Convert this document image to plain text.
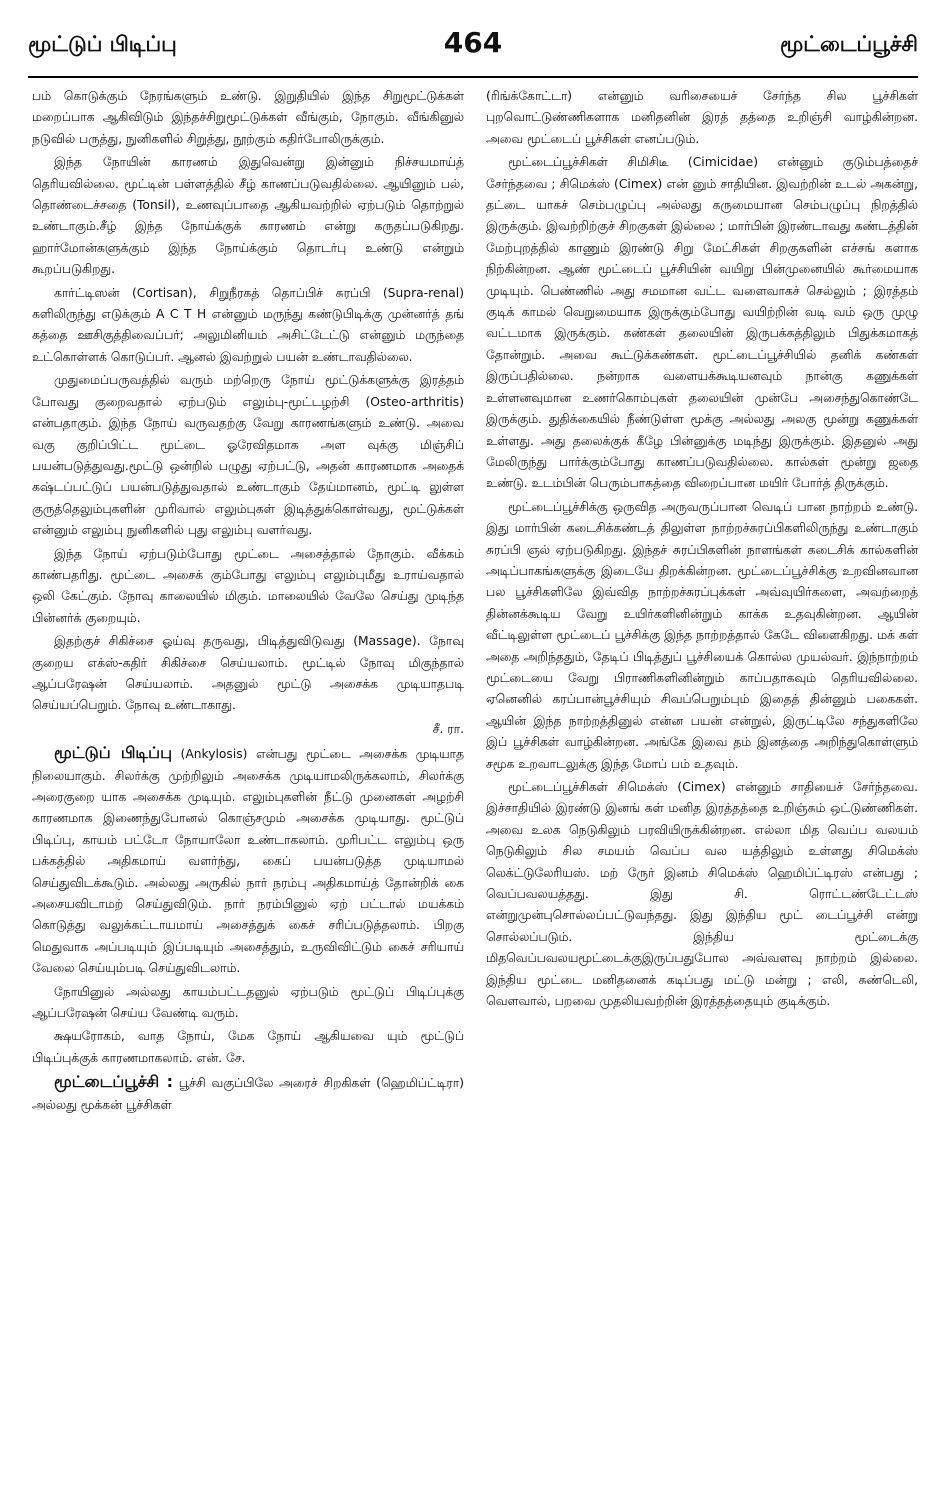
மூட்டுப் பிடிப்பு	464	மூட்டைப்பூச்சி

பம் கொடுக்கும் நேரங்களும் உண்டு. இறுதியில் இந்த சிறுமூட்டுக்கள் மறைப்பாக ஆகிவிடும் இந்தச்சிறுமூட்டுக்கள் வீங்கும், நோகும். வீங்கினுல் நடுவில் பருத்து, நுனிகளில் சிறுத்து, நூற்கும் கதிர்போலிருக்கும்.

இந்த நோயின் காரணம் இதுவென்று இன்னும் நிச்சயமாய்த் தெரியவில்லை. மூட்டின் பள்ளத்தில் சீழ் காணப்படுவதில்லை. ஆயினும் பல், தொண்டைச்சதை (Tonsil), உணவுப்பாதை ஆகியவற்றில் ஏற்படும் தொற்றுல் உண்டாகும்.சீழ் இந்த நோய்க்குக் காரணம் என்று கருதப்படுகிறது. ஹார்மோன்களுக்கும் இந்த நோய்க்கும் தொடர்பு உண்டு என்றும் கூறப்படுகிறது.

கார்ட்டிஸன் (Cortisan), சிறுநீரகத் தொப்பிச் சுரப்பி (Supra-renal) களிலிருந்து எடுக்கும் A C T H என்னும் மருந்து கண்டுபிடிக்கு முன்னர்த் தங் கத்தை ஊசிகுத்திவைப்பர்; அலுமினியம் அசிட்டேட்டு என்னும் மருந்தை உட்கொள்ளக் கொடுப்பர். ஆனல் இவற்றுல் பயன் உண்டாவதில்லை.

முதுமைப்பருவத்தில் வரும் மற்றெரு நோய் மூட்டுக்களுக்கு இரத்தம் போவது குறைவதால் ஏற்படும் எலும்பு-மூட்டழற்சி (Osteo-arthritis) என்பதாகும். இந்த நோய் வருவதற்கு வேறு காரணங்களும் உண்டு. அவை வகு குறிப்பிட்ட மூட்டை ஓரேவிதமாக அள வுக்கு மிஞ்சிப் பயன்படுத்துவது.மூட்டு ஒன்றில் பழுது ஏற்பட்டு, அதன் காரணமாக அதைக் கஷ்டப்பட்டுப் பயன்படுத்துவதால் உண்டாகும் தேய்மானம், மூட்டி லுள்ள குருத்தெலும்புகளின் முரிவால் எலும்புகள் இடித்துக்கொள்வது, மூட்டுக்கள் என்னும் எலும்பு நுனிகளில் புது எலும்பு வளர்வது.

இந்த நோய் ஏற்படும்போது மூட்டை அசைத்தால் நோகும். வீக்கம் காண்பதரிது. மூட்டை அசைக் கும்போது எலும்பு எலும்புமீது உராய்வதால் ஒலி கேட்கும். நோவு காலையில் மிகும். மாலையில் வேலே செய்து முடிந்த பின்னர்க் குறையும்.

இதற்குச் சிகிச்சை ஓய்வு தருவது, பிடித்துவிடுவது (Massage). நோவு குறைய எக்ஸ்-கதிர் சிகிச்சை செய்யலாம். மூட்டில் நோவு மிகுந்தால் ஆப்பரேஷன் செய்யலாம். அதனுல் மூட்டு அசைக்க முடியாதபடி செய்யப்பெறும். நோவு உண்டாகாது.

சீ. ரா.

மூட்டுப் பிடிப்பு (Ankylosis) என்பது மூட்டை அசைக்க முடியாத நிலையாகும். சிலர்க்கு முற்றிலும் அசைக்க முடியாமலிருக்கலாம், சிலர்க்கு அரைகுறை யாக அசைக்க முடியும். எலும்புகளின் நீட்டு முனைகள் அழற்சி காரணமாக இணைந்துபோனல் கொஞ்சமும் அசைக்க முடியாது. மூட்டுப் பிடிப்பு, காயம் பட்டோ நோயாலோ உண்டாகலாம். முரிபட்ட எலும்பு ஒரு பக்கத்தில் அதிகமாய் வளர்ந்து, கைப் பயன்படுத்த முடியாமல் செய்துவிடக்கூடும். அல்லது அருகில் நார் நரம்பு அதிகமாய்த் தோன்றிக் கை அசையவிடாமற் செய்துவிடும். நார் நரம்பினுல் ஏற் பட்டால் மயக்கம் கொடுத்து வலுக்கட்டாயமாய் அசைத்துக் கைச் சரிப்படுத்தலாம். பிறகு மெதுவாக அப்படியும் இப்படியும் அசைத்தும், உருவிவிட்டும் கைச் சரியாய் வேலை செய்யும்படி செய்துவிடலாம்.

நோயினுல் அல்லது காயம்பட்டதனுல் ஏற்படும் மூட்டுப் பிடிப்புக்கு ஆப்பரேஷன் செய்ய வேண்டி வரும்.

க்ஷயரோகம், வாத நோய், மேக நோய் ஆகியவை யும் மூட்டுப் பிடிப்புக்குக் காரணமாகலாம். என். சே.

மூட்டைப்பூச்சி : பூச்சி வகுப்பிலே அரைச் சிறகிகள் (ஹெமிப்ட்டிரா) அல்லது மூக்கன் பூச்சிகள்

(ரிங்க்கோட்டா) என்னும் வரிசையைச் சேர்ந்த சில பூச்சிகள் புறவொட்டுண்ணிகளாக மனிதனின் இரத் தத்தை உறிஞ்சி வாழ்கின்றன. அவை மூட்டைப் பூச்சிகள் எனப்படும்.

மூட்டைப்பூச்சிகள் சிமிசிடீ (Cimicidae) என்னும் குடும்பத்தைச் சேர்ந்தவை ; சிமெக்ஸ் (Cimex) என் னும் சாதியின. இவற்றின் உடல் அகன்று, தட்டை யாகச் செம்பழுப்பு அல்லது கருமையான செம்பழுப்பு நிறத்தில் இருக்கும். இவற்றிற்குச் சிறகுகள் இல்லை ; மார்பின் இரண்டாவது கண்டத்தின் மேற்புறத்தில் காணும் இரண்டு சிறு மேட்சிகள் சிறகுகளின் எச்சங் களாக நிற்கின்றன. ஆண் மூட்டைப் பூச்சியின் வயிறு பின்முனையில் கூர்மையாக முடியும். பெண்ணில் அது சமமான வட்ட வளைவாகச் செல்லும் ; இரத்தம் குடிக் காமல் வெறுமையாக இருக்கும்போது வயிற்றின் வடி வம் ஒரு முழு வட்டமாக இருக்கும். கண்கள் தலையின் இருபக்கத்திலும் பிதுக்கமாகத் தோன்றும். அவை கூட்டுக்கண்கள். மூட்டைப்பூச்சியில் தனிக் கண்கள் இருப்பதில்லை. நன்றாக வளையக்கூடியனவும் நான்கு கணுக்கள் உள்ளனவுமான உணர்கொம்புகள் தலையின் முன்பே அசைந்துகொண்டே இருக்கும். துதிக்கையில் நீண்டுள்ள மூக்கு அல்லது அலகு மூன்று கணுக்கள் உள்ளது. அது தலைக்குக் கீழே பின்னுக்கு மடிந்து இருக்கும். இதனுல் அது மேலிருந்து பார்க்கும்போது காணப்படுவதில்லை. கால்கள் மூன்று ஜதை உண்டு. உடம்பின் பெரும்பாகத்தை விறைப்பான மயிர் போர்த் திருக்கும்.

மூட்டைப்பூச்சிக்கு ஒருவித அருவருப்பான வெடிப் பான நாற்றம் உண்டு. இது மார்பின் கடைசிக்கண்டத் திலுள்ள நாற்றச்சுரப்பிகளிலிருந்து உண்டாகும் சுரப்பி ஞல் ஏற்படுகிறது. இந்தச் சுரப்பிகளின் நாளங்கள் கடைசிக் கால்களின் அடிப்பாகங்களுக்கு இடையே திறக்கின்றன. மூட்டைப்பூச்சிக்கு உறவினவான பல பூச்சிகளிலே இவ்வித நாற்றச்சுரப்புக்கள் அவ்வுயிர்களை, அவற்றைத் தின்னக்கூடிய வேறு உயிர்களினின்றும் காக்க உதவுகின்றன. ஆயின் வீட்டிலுள்ள மூட்டைப் பூச்சிக்கு இந்த நாற்றத்தால் கேடே விளைகிறது. மக் கள் அதை அறிந்ததும், தேடிப் பிடித்துப் பூச்சியைக் கொல்ல முயல்வர். இந்நாற்றம் மூட்டையை வேறு பிராணிகளினின்றும் காப்பதாகவும் தெரியவில்லை. ஏனெனில் கரப்பான்பூச்சியும் சிவப்பெறும்பும் இதைத் தின்னும் பகைகள். ஆயின் இந்த நாற்றத்தினுல் என்ன பயன் என்றுல், இருட்டிலே சந்துகளிலே இப் பூச்சிகள் வாழ்கின்றன. அங்கே இவை தம் இனத்தை அறிந்துகொள்ளும் சமூக உறவாடலுக்கு இந்த மோப் பம் உதவும்.

மூட்டைப்பூச்சிகள் சிமெக்ஸ் (Cimex) என்னும் சாதியைச் சேர்ந்தவை. இச்சாதியில் இரண்டு இனங் கள் மனித இரத்தத்தை உறிஞ்சும் ஒட்டுண்ணிகள். அவை உலக நெடுகிலும் பரவியிருக்கின்றன. எல்லா மித வெப்ப வலயம் நெடுகிலும் சில சமயம் வெப்ப வல யத்திலும் உள்ளது சிமெக்ஸ் லெக்ட்டுலேரியஸ். மற் ருேர் இனம் சிமெக்ஸ் ஹெமிப்ட்டிரஸ் என்பது ; வெப்பவலயத்தது. இது சி. ரொட்டண்டேட்டஸ் என்றுமுன்புசொல்லப்பட்டுவந்தது. இது இந்திய மூட் டைப்பூச்சி என்று சொல்லப்படும். இந்திய மூட்டைக்கு மிதவெப்பவலயமூட்டைக்குஇருப்பதுபோல அவ்வளவு நாற்றம் இல்லை. இந்திய மூட்டை மனிதனைக் கடிப்பது மட்டு மன்று ; எலி, சுண்டெலி, வௌவால், பறவை முதலியவற்றின் இரத்தத்தையும் குடிக்கும்.
